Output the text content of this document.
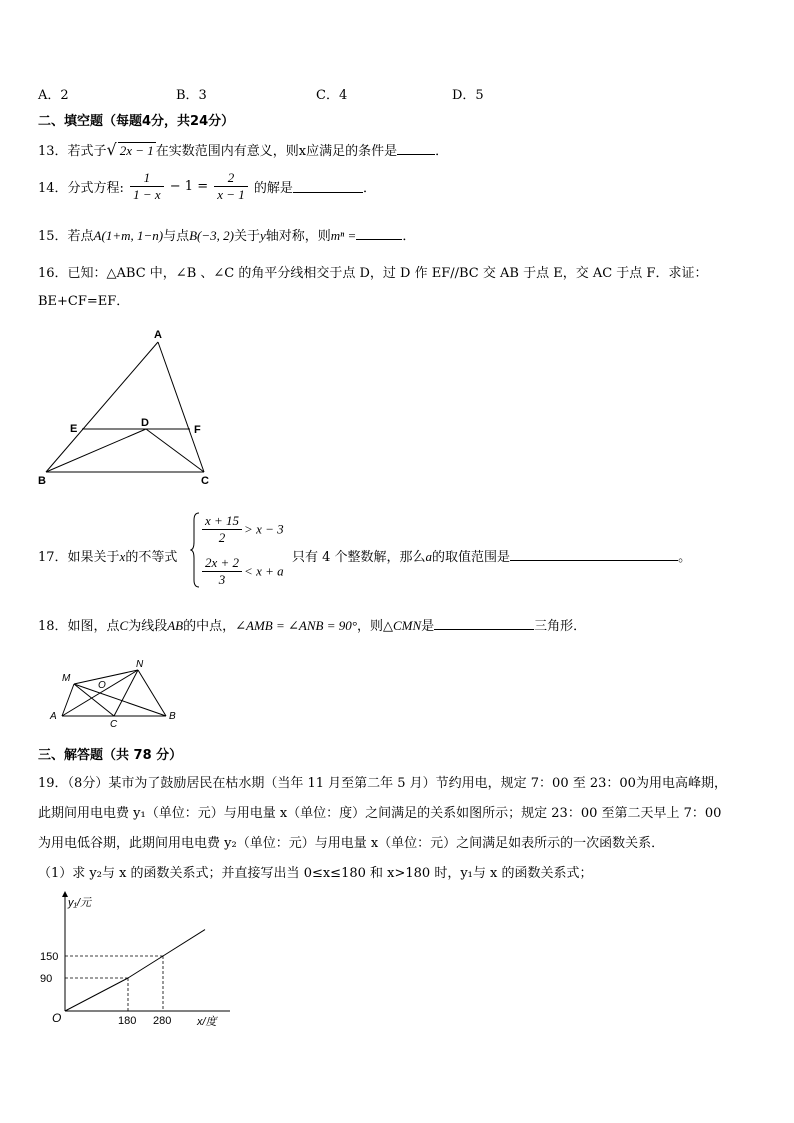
A．2	B．3	C．4	D．5
二、填空题（每题4分，共24分）
13．若式子√ 2x − 1 在实数范围内有意义，则x应满足的条件是	．
14．分式方程: $\frac{1}{1 - x} - 1 = \frac{2}{x - 1}$ 的解是	．
15．若点A(1+m, 1−n)与点B(−3, 2)关于y轴对称，则mⁿ =	．
16．已知：△ABC 中，∠B 、∠C 的角平分线相交于点 D，过 D 作 EF//BC 交 AB 于点 E，交 AC 于点 F．求证：
BE+CF=EF．
A
E	D
F
B	C
17．如果关于x的不等式
$\frac{x + 15}{2} > x - 3$
$\frac{2x + 2}{3} < x + a$
只有 4 个整数解，那么a的取值范围是	。
18．如图，点C为线段AB的中点，∠AMB = ∠ANB = 90°，则△CMN是	三角形．
M
N
O
A
C
B
三、解答题（共 78 分）
19．（8分）某市为了鼓励居民在枯水期（当年 11 月至第二年 5 月）节约用电，规定 7：00 至 23：00为用电高峰期，
此期间用电电费 y₁（单位：元）与用电量 x（单位：度）之间满足的关系如图所示；规定 23：00 至第二天早上 7：00
为用电低谷期，此期间用电电费 y₂（单位：元）与用电量 x（单位：元）之间满足如表所示的一次函数关系．
（1）求 y₂与 x 的函数关系式；并直接写出当 0≤x≤180 和 x>180 时，y₁与 x 的函数关系式；
y₁/元
x/度
O	180 280
90
150
